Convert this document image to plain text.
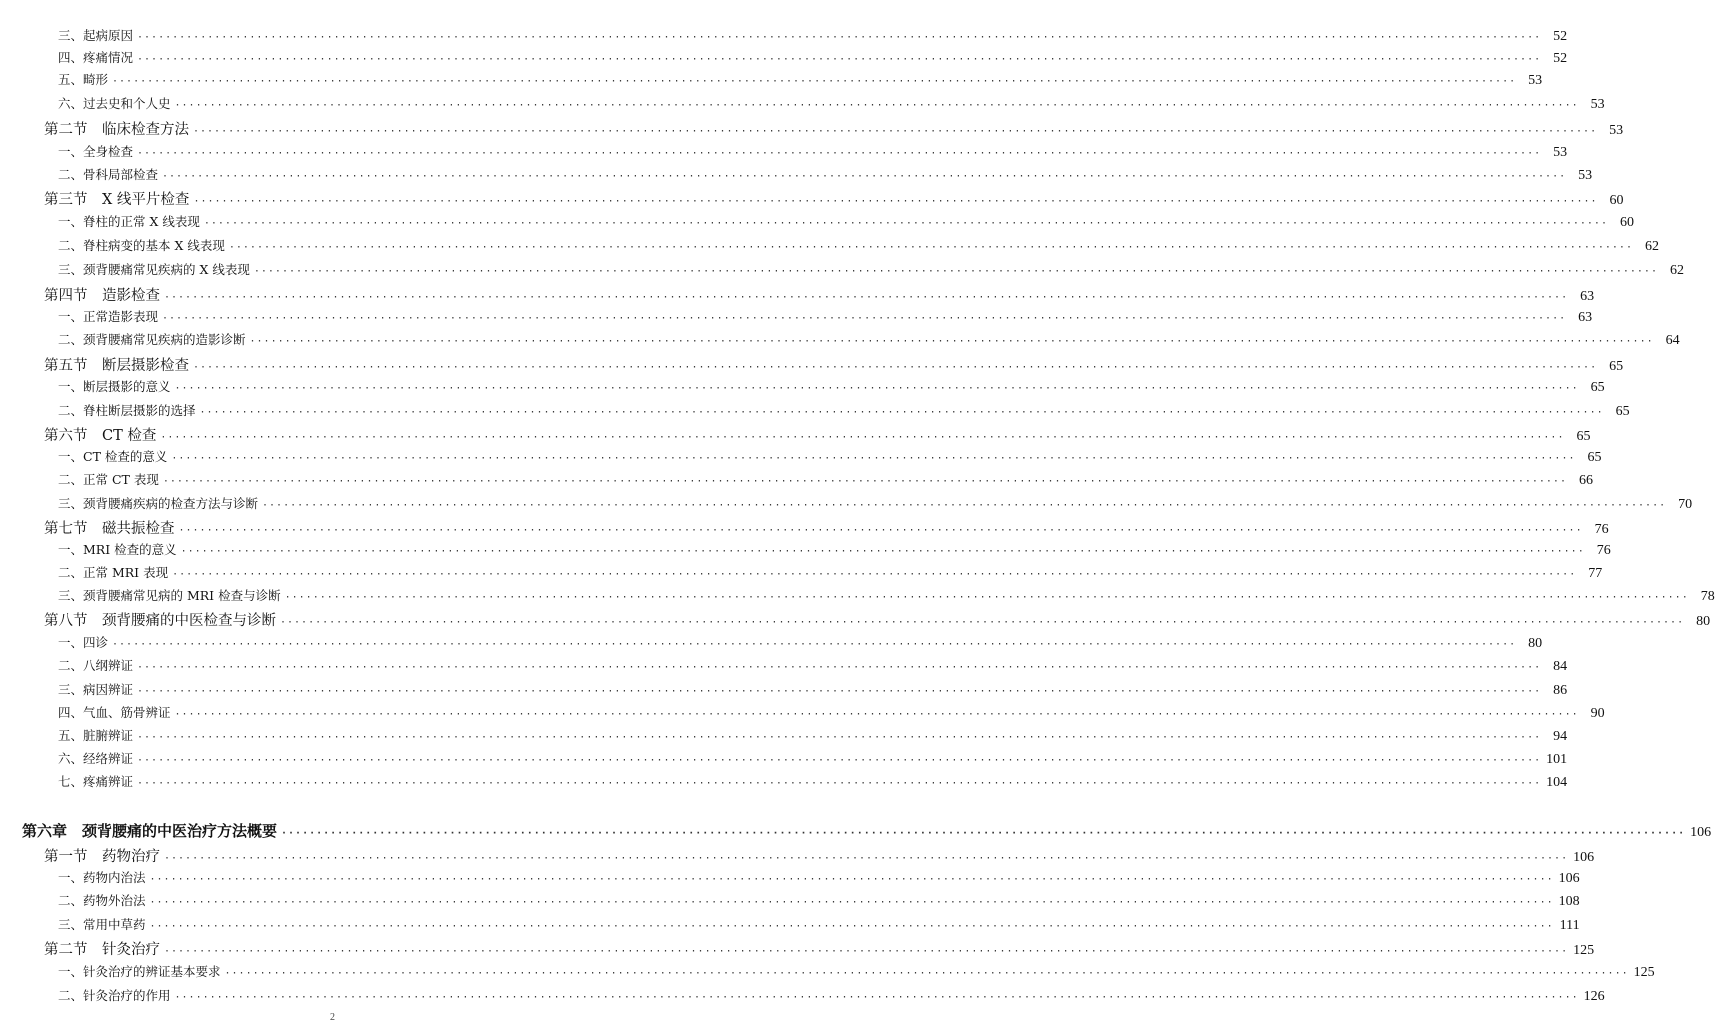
三、起病原因 ········································································································································································································ 52
四、疼痛情况 ········································································································································································································ 52
五、畸形 ········································································································································································································ 53
六、过去史和个人史 ········································································································································································································ 53
第二节　临床检查方法 ········································································································································································································ 53
一、全身检查 ········································································································································································································ 53
二、骨科局部检查 ········································································································································································································ 53
第三节　X 线平片检查 ········································································································································································································ 60
一、脊柱的正常 X 线表现 ········································································································································································································ 60
二、脊柱病变的基本 X 线表现 ········································································································································································································ 62
三、颈背腰痛常见疾病的 X 线表现 ········································································································································································································ 62
第四节　造影检查 ········································································································································································································ 63
一、正常造影表现 ········································································································································································································ 63
二、颈背腰痛常见疾病的造影诊断 ········································································································································································································ 64
第五节　断层摄影检查 ········································································································································································································ 65
一、断层摄影的意义 ········································································································································································································ 65
二、脊柱断层摄影的选择 ········································································································································································································ 65
第六节　CT 检查 ········································································································································································································ 65
一、CT 检查的意义 ········································································································································································································ 65
二、正常 CT 表现 ········································································································································································································ 66
三、颈背腰痛疾病的检查方法与诊断 ········································································································································································································ 70
第七节　磁共振检查 ········································································································································································································ 76
一、MRI 检查的意义 ········································································································································································································ 76
二、正常 MRI 表现 ········································································································································································································ 77
三、颈背腰痛常见病的 MRI 检查与诊断 ········································································································································································································ 78
第八节　颈背腰痛的中医检查与诊断 ········································································································································································································ 80
一、四诊 ········································································································································································································ 80
二、八纲辨证 ········································································································································································································ 84
三、病因辨证 ········································································································································································································ 86
四、气血、筋骨辨证 ········································································································································································································ 90
五、脏腑辨证 ········································································································································································································ 94
六、经络辨证 ········································································································································································································ 101
七、疼痛辨证 ········································································································································································································ 104
第六章　颈背腰痛的中医治疗方法概要 ········································································································································································································ 106
第一节　药物治疗 ········································································································································································································ 106
一、药物内治法 ········································································································································································································ 106
二、药物外治法 ········································································································································································································ 108
三、常用中草药 ········································································································································································································ 111
第二节　针灸治疗 ········································································································································································································ 125
一、针灸治疗的辨证基本要求 ········································································································································································································ 125
二、针灸治疗的作用 ········································································································································································································ 126
2
